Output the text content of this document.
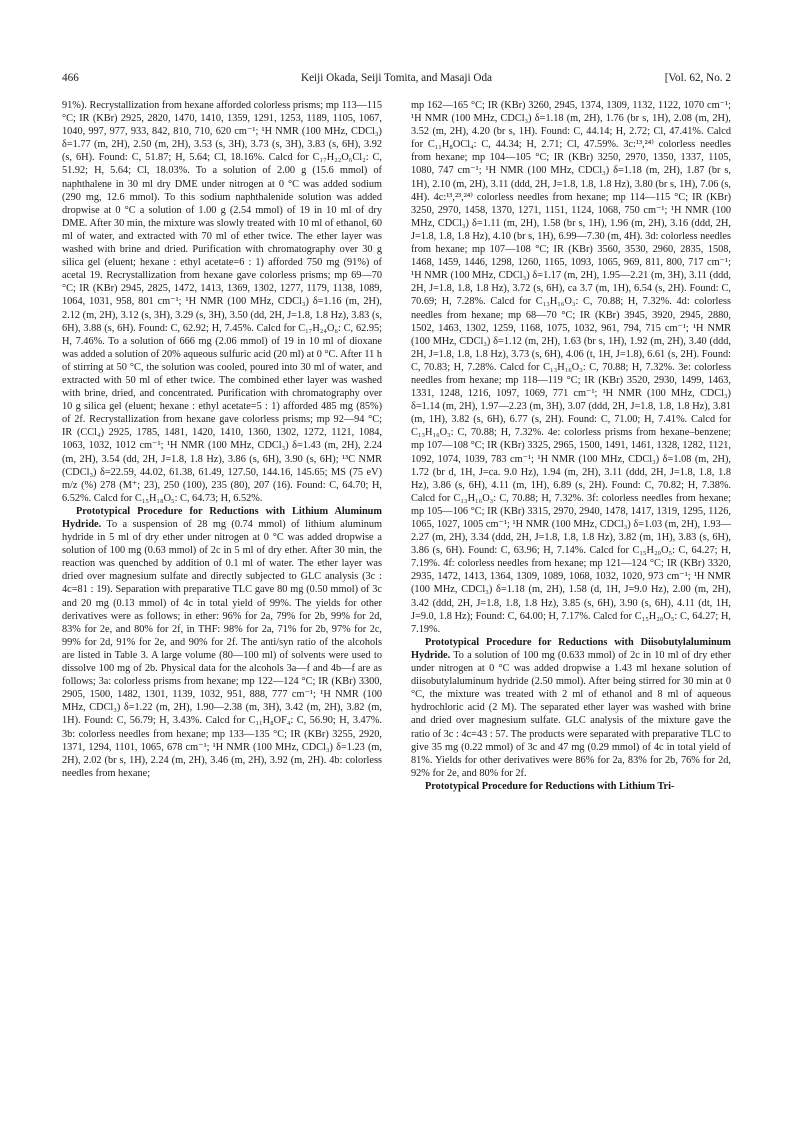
466	Keiji Okada, Seiji Tomita, and Masaji Oda	[Vol. 62, No. 2

91%). Recrystallization from hexane afforded colorless prisms; mp 113—115 °C; IR (KBr) 2925, 2820, 1470, 1410, 1359, 1291, 1253, 1189, 1105, 1067, 1040, 997, 977, 933, 842, 810, 710, 620 cm⁻¹; ¹H NMR (100 MHz, CDCl₃) δ=1.77 (m, 2H), 2.50 (m, 2H), 3.53 (s, 3H), 3.73 (s, 3H), 3.83 (s, 6H), 3.92 (s, 6H). Found: C, 51.87; H, 5.64; Cl, 18.16%. Calcd for C₁₇H₂₂O₆Cl₂: C, 51.92; H, 5.64; Cl, 18.03%. To a solution of 2.00 g (15.6 mmol) of naphthalene in 30 ml dry DME under nitrogen at 0 °C was added sodium (290 mg, 12.6 mmol). To this sodium naphthalenide solution was added dropwise at 0 °C a solution of 1.00 g (2.54 mmol) of 19 in 10 ml of dry DME. After 30 min, the mixture was slowly treated with 10 ml of ethanol, 60 ml of water, and extracted with 70 ml of ether twice. The ether layer was washed with brine and dried. Purification with chromatography over 30 g silica gel (eluent; hexane : ethyl acetate=6 : 1) afforded 750 mg (91%) of acetal 19. Recrystallization from hexane gave colorless prisms; mp 69—70 °C; IR (KBr) 2945, 2825, 1472, 1413, 1369, 1302, 1277, 1179, 1138, 1089, 1064, 1031, 958, 801 cm⁻¹; ¹H NMR (100 MHz, CDCl₃) δ=1.16 (m, 2H), 2.12 (m, 2H), 3.12 (s, 3H), 3.29 (s, 3H), 3.50 (dd, 2H, J=1.8, 1.8 Hz), 3.83 (s, 6H), 3.88 (s, 6H). Found: C, 62.92; H, 7.45%. Calcd for C₁₇H₂₄O₆: C, 62.95; H, 7.46%. To a solution of 666 mg (2.06 mmol) of 19 in 10 ml of dioxane was added a solution of 20% aqueous sulfuric acid (20 ml) at 0 °C. After 11 h of stirring at 50 °C, the solution was cooled, poured into 30 ml of water, and extracted with 50 ml of ether twice. The combined ether layer was washed with brine, dried, and concentrated. Purification with chromatography over 10 g silica gel (eluent; hexane : ethyl acetate=5 : 1) afforded 485 mg (85%) of 2f. Recrystallization from hexane gave colorless prisms; mp 92—94 °C; IR (CCl₄) 2925, 1785, 1481, 1420, 1410, 1360, 1302, 1272, 1121, 1084, 1063, 1032, 1012 cm⁻¹; ¹H NMR (100 MHz, CDCl₃) δ=1.43 (m, 2H), 2.24 (m, 2H), 3.54 (dd, 2H, J=1.8, 1.8 Hz), 3.86 (s, 6H), 3.90 (s, 6H); ¹³C NMR (CDCl₃) δ=22.59, 44.02, 61.38, 61.49, 127.50, 144.16, 145.65; MS (75 eV) m/z (%) 278 (M⁺; 23), 250 (100), 235 (80), 207 (16). Found: C, 64.70; H, 6.52%. Calcd for C₁₅H₁₈O₅: C, 64.73; H, 6.52%.

Prototypical Procedure for Reductions with Lithium Aluminum Hydride. To a suspension of 28 mg (0.74 mmol) of lithium aluminum hydride in 5 ml of dry ether under nitrogen at 0 °C was added dropwise a solution of 100 mg (0.63 mmol) of 2c in 5 ml of dry ether. After 30 min, the reaction was quenched by addition of 0.1 ml of water. The ether layer was dried over magnesium sulfate and directly subjected to GLC analysis (3c : 4c=81 : 19). Separation with preparative TLC gave 80 mg (0.50 mmol) of 3c and 20 mg (0.13 mmol) of 4c in total yield of 99%. The yields for other derivatives were as follows; in ether: 96% for 2a, 79% for 2b, 99% for 2d, 83% for 2e, and 80% for 2f, in THF: 98% for 2a, 71% for 2b, 97% for 2c, 99% for 2d, 91% for 2e, and 90% for 2f. The anti/syn ratio of the alcohols are listed in Table 3. A large volume (80—100 ml) of solvents were used to dissolve 100 mg of 2b. Physical data for the alcohols 3a—f and 4b—f are as follows; 3a: colorless prisms from hexane; mp 122—124 °C; IR (KBr) 3300, 2905, 1500, 1482, 1301, 1139, 1032, 951, 888, 777 cm⁻¹; ¹H NMR (100 MHz, CDCl₃) δ=1.22 (m, 2H), 1.90—2.38 (m, 3H), 3.42 (m, 2H), 3.82 (m, 1H). Found: C, 56.79; H, 3.43%. Calcd for C₁₁H₈OF₄: C, 56.90; H, 3.47%. 3b: colorless needles from hexane; mp 133—135 °C; IR (KBr) 3255, 2920, 1371, 1294, 1101, 1065, 678 cm⁻¹; ¹H NMR (100 MHz, CDCl₃) δ=1.23 (m, 2H), 2.02 (br s, 1H), 2.24 (m, 2H), 3.46 (m, 2H), 3.92 (m, 2H). 4b: colorless needles from hexane;

mp 162—165 °C; IR (KBr) 3260, 2945, 1374, 1309, 1132, 1122, 1070 cm⁻¹; ¹H NMR (100 MHz, CDCl₃) δ=1.18 (m, 2H), 1.76 (br s, 1H), 2.08 (m, 2H), 3.52 (m, 2H), 4.20 (br s, 1H). Found: C, 44.14; H, 2.72; Cl, 47.41%. Calcd for C₁₁H₈OCl₄: C, 44.34; H, 2.71; Cl, 47.59%. 3c:¹³,²⁴⁾ colorless needles from hexane; mp 104—105 °C; IR (KBr) 3250, 2970, 1350, 1337, 1105, 1080, 747 cm⁻¹; ¹H NMR (100 MHz, CDCl₃) δ=1.18 (m, 2H), 1.87 (br s, 1H), 2.10 (m, 2H), 3.11 (ddd, 2H, J=1.8, 1.8, 1.8 Hz), 3.80 (br s, 1H), 7.06 (s, 4H). 4c:¹³,²³,²⁴⁾ colorless needles from hexane; mp 114—115 °C; IR (KBr) 3250, 2970, 1458, 1370, 1271, 1151, 1124, 1068, 750 cm⁻¹; ¹H NMR (100 MHz, CDCl₃) δ=1.11 (m, 2H), 1.58 (br s, 1H), 1.96 (m, 2H), 3.16 (ddd, 2H, J=1.8, 1.8, 1.8 Hz), 4.10 (br s, 1H), 6.99—7.30 (m, 4H). 3d: colorless needles from hexane; mp 107—108 °C; IR (KBr) 3560, 3530, 2960, 2835, 1508, 1468, 1459, 1446, 1298, 1260, 1165, 1093, 1065, 969, 811, 800, 717 cm⁻¹; ¹H NMR (100 MHz, CDCl₃) δ=1.17 (m, 2H), 1.95—2.21 (m, 3H), 3.11 (ddd, 2H, J=1.8, 1.8, 1.8 Hz), 3.72 (s, 6H), ca 3.7 (m, 1H), 6.54 (s, 2H). Found: C, 70.69; H, 7.28%. Calcd for C₁₃H₁₆O₃: C, 70.88; H, 7.32%. 4d: colorless needles from hexane; mp 68—70 °C; IR (KBr) 3945, 3920, 2945, 2880, 1502, 1463, 1302, 1259, 1168, 1075, 1032, 961, 794, 715 cm⁻¹; ¹H NMR (100 MHz, CDCl₃) δ=1.12 (m, 2H), 1.63 (br s, 1H), 1.92 (m, 2H), 3.40 (ddd, 2H, J=1.8, 1.8, 1.8 Hz), 3.73 (s, 6H), 4.06 (t, 1H, J=1.8), 6.61 (s, 2H). Found: C, 70.83; H, 7.28%. Calcd for C₁₃H₁₆O₃: C, 70.88; H, 7.32%. 3e: colorless needles from hexane; mp 118—119 °C; IR (KBr) 3520, 2930, 1499, 1463, 1331, 1248, 1216, 1097, 1069, 771 cm⁻¹; ¹H NMR (100 MHz, CDCl₃) δ=1.14 (m, 2H), 1.97—2.23 (m, 3H), 3.07 (ddd, 2H, J=1.8, 1.8, 1.8 Hz), 3.81 (m, 1H), 3.82 (s, 6H), 6.77 (s, 2H). Found: C, 71.00; H, 7.41%. Calcd for C₁₃H₁₆O₃: C, 70.88; H, 7.32%. 4e: colorless prisms from hexane–benzene; mp 107—108 °C; IR (KBr) 3325, 2965, 1500, 1491, 1461, 1328, 1282, 1121, 1092, 1074, 1039, 783 cm⁻¹; ¹H NMR (100 MHz, CDCl₃) δ=1.08 (m, 2H), 1.72 (br d, 1H, J=ca. 9.0 Hz), 1.94 (m, 2H), 3.11 (ddd, 2H, J=1.8, 1.8, 1.8 Hz), 3.86 (s, 6H), 4.11 (m, 1H), 6.89 (s, 2H). Found: C, 70.82; H, 7.38%. Calcd for C₁₃H₁₆O₃: C, 70.88; H, 7.32%. 3f: colorless needles from hexane; mp 105—106 °C; IR (KBr) 3315, 2970, 2940, 1478, 1417, 1319, 1295, 1126, 1065, 1027, 1005 cm⁻¹; ¹H NMR (100 MHz, CDCl₃) δ=1.03 (m, 2H), 1.93—2.27 (m, 2H), 3.34 (ddd, 2H, J=1.8, 1.8, 1.8 Hz), 3.82 (m, 1H), 3.83 (s, 6H), 3.86 (s, 6H). Found: C, 63.96; H, 7.14%. Calcd for C₁₅H₂₀O₅: C, 64.27; H, 7.19%. 4f: colorless needles from hexane; mp 121—124 °C; IR (KBr) 3320, 2935, 1472, 1413, 1364, 1309, 1089, 1068, 1032, 1020, 973 cm⁻¹; ¹H NMR (100 MHz, CDCl₃) δ=1.18 (m, 2H), 1.58 (d, 1H, J=9.0 Hz), 2.00 (m, 2H), 3.42 (ddd, 2H, J=1.8, 1.8, 1.8 Hz), 3.85 (s, 6H), 3.90 (s, 6H), 4.11 (dt, 1H, J=9.0, 1.8 Hz); Found: C, 64.00; H, 7.17%. Calcd for C₁₅H₂₀O₅: C, 64.27; H, 7.19%.

Prototypical Procedure for Reductions with Diisobutylaluminum Hydride. To a solution of 100 mg (0.633 mmol) of 2c in 10 ml of dry ether under nitrogen at 0 °C was added dropwise a 1.43 ml hexane solution of diisobutylaluminum hydride (2.50 mmol). After being stirred for 30 min at 0 °C, the mixture was treated with 2 ml of ethanol and 8 ml of aqueous hydrochloric acid (2 M). The separated ether layer was washed with brine and dried over magnesium sulfate. GLC analysis of the mixture gave the ratio of 3c : 4c=43 : 57. The products were separated with preparative TLC to give 35 mg (0.22 mmol) of 3c and 47 mg (0.29 mmol) of 4c in total yield of 81%. Yields for other derivatives were 86% for 2a, 83% for 2b, 76% for 2d, 92% for 2e, and 80% for 2f.

Prototypical Procedure for Reductions with Lithium Tri-
